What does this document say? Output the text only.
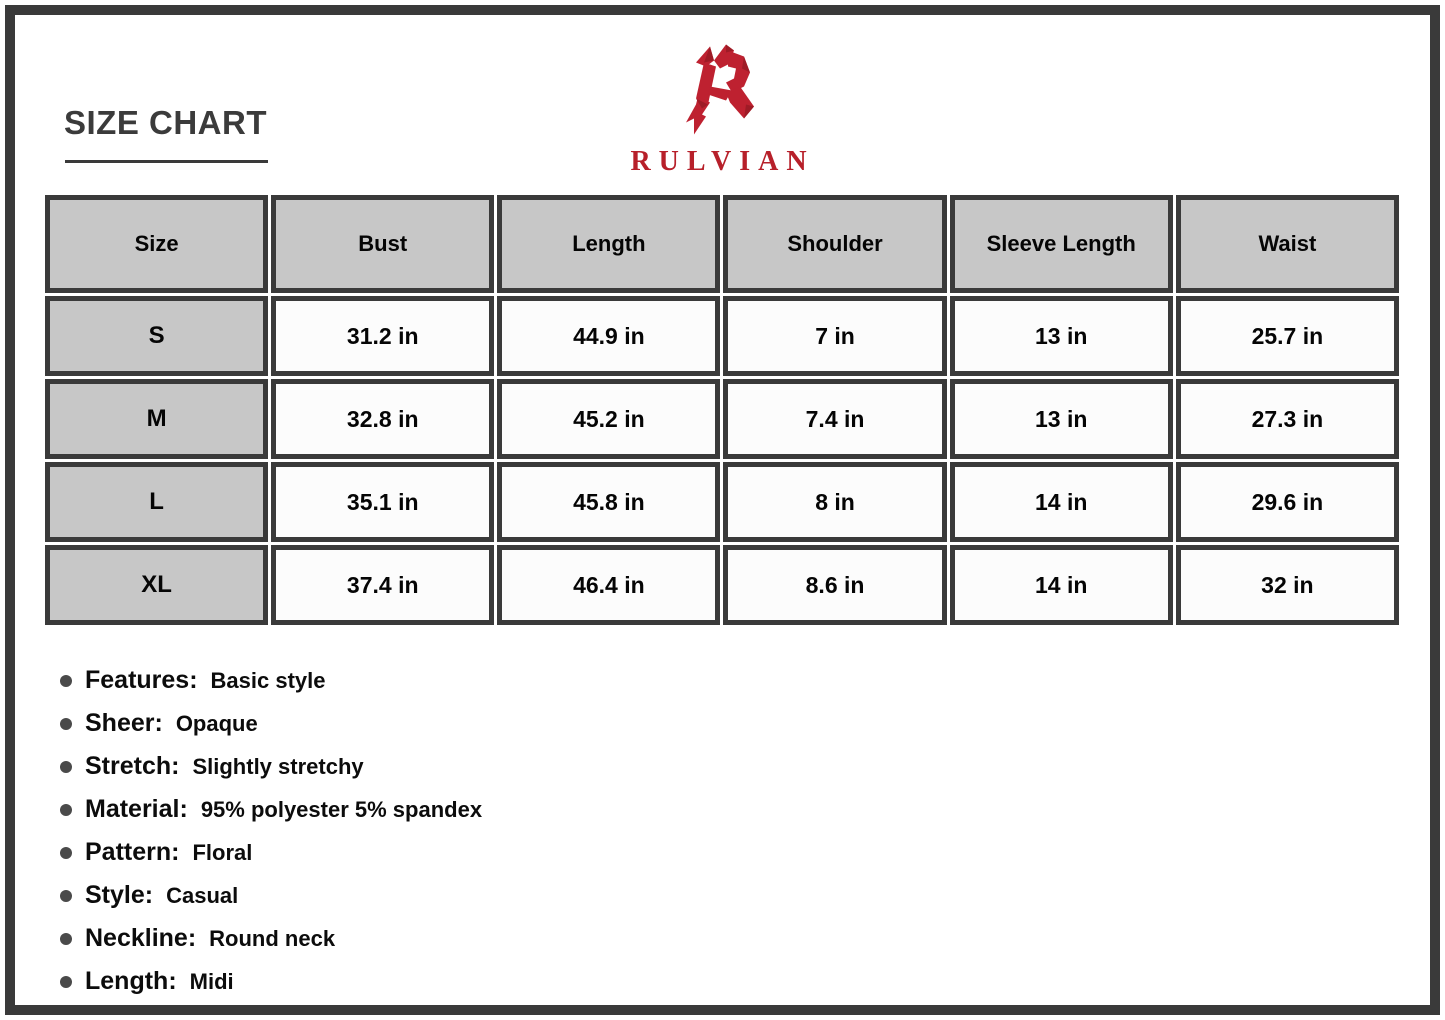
SIZE CHART
RULVIAN
Size	Bust	Length	Shoulder	Sleeve Length	Waist
S	31.2 in	44.9 in	7 in	13 in	25.7 in
M	32.8 in	45.2 in	7.4 in	13 in	27.3 in
L	35.1 in	45.8 in	8 in	14 in	29.6 in
XL	37.4 in	46.4 in	8.6 in	14 in	32 in
Features: Basic style
Sheer: Opaque
Stretch: Slightly stretchy
Material: 95% polyester 5% spandex
Pattern: Floral
Style: Casual
Neckline: Round neck
Length: Midi
